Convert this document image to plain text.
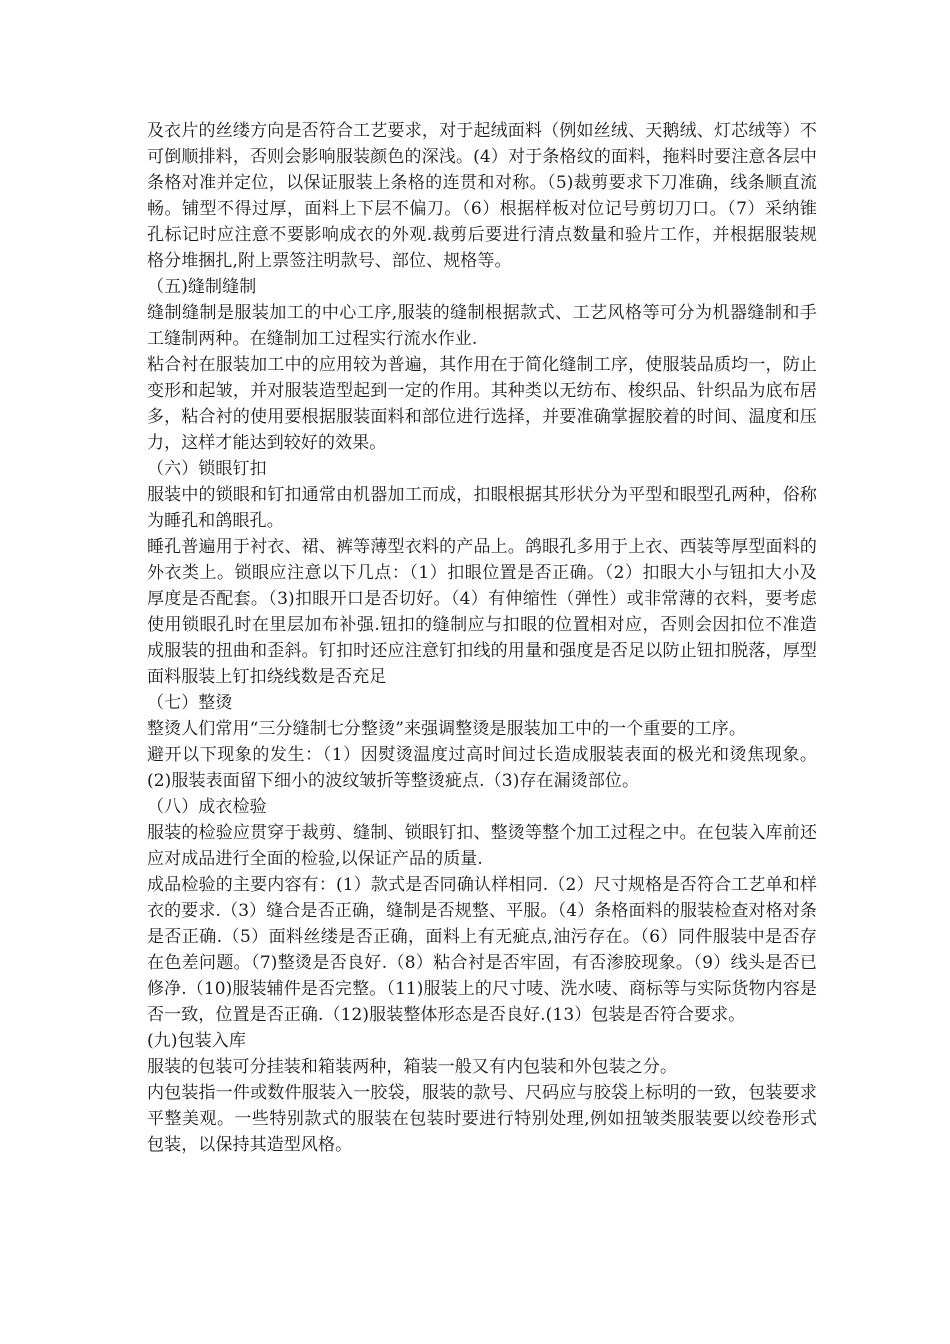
及衣片的丝缕方向是否符合工艺要求，对于起绒面料（例如丝绒、天鹅绒、灯芯绒等）不可倒顺排料，否则会影响服装颜色的深浅。(4）对于条格纹的面料，拖料时要注意各层中条格对准并定位，以保证服装上条格的连贯和对称。（5)裁剪要求下刀准确，线条顺直流畅。铺型不得过厚，面料上下层不偏刀。（6）根据样板对位记号剪切刀口。（7）采纳锥孔标记时应注意不要影响成衣的外观.裁剪后要进行清点数量和验片工作，并根据服装规格分堆捆扎,附上票签注明款号、部位、规格等。

（五)缝制缝制

缝制缝制是服装加工的中心工序,服装的缝制根据款式、工艺风格等可分为机器缝制和手工缝制两种。在缝制加工过程实行流水作业.

粘合衬在服装加工中的应用较为普遍，其作用在于简化缝制工序，使服装品质均一，防止变形和起皱，并对服装造型起到一定的作用。其种类以无纺布、梭织品、针织品为底布居多，粘合衬的使用要根据服装面料和部位进行选择，并要准确掌握胶着的时间、温度和压力，这样才能达到较好的效果。

（六）锁眼钉扣

服装中的锁眼和钉扣通常由机器加工而成，扣眼根据其形状分为平型和眼型孔两种，俗称为睡孔和鸽眼孔。

睡孔普遍用于衬衣、裙、裤等薄型衣料的产品上。鸽眼孔多用于上衣、西装等厚型面料的外衣类上。锁眼应注意以下几点：（1）扣眼位置是否正确。（2）扣眼大小与钮扣大小及厚度是否配套。（3)扣眼开口是否切好。（4）有伸缩性（弹性）或非常薄的衣料，要考虑使用锁眼孔时在里层加布补强.钮扣的缝制应与扣眼的位置相对应，否则会因扣位不准造成服装的扭曲和歪斜。钉扣时还应注意钉扣线的用量和强度是否足以防止钮扣脱落，厚型面料服装上钉扣绕线数是否充足

（七）整烫

整烫人们常用“三分缝制七分整烫”来强调整烫是服装加工中的一个重要的工序。

避开以下现象的发生：（1）因熨烫温度过高时间过长造成服装表面的极光和烫焦现象。(2)服装表面留下细小的波纹皱折等整烫疵点.（3)存在漏烫部位。

（八）成衣检验

服装的检验应贯穿于裁剪、缝制、锁眼钉扣、整烫等整个加工过程之中。在包装入库前还应对成品进行全面的检验,以保证产品的质量.

成品检验的主要内容有：(1）款式是否同确认样相同.（2）尺寸规格是否符合工艺单和样衣的要求.（3）缝合是否正确，缝制是否规整、平服。（4）条格面料的服装检查对格对条是否正确.（5）面料丝缕是否正确，面料上有无疵点,油污存在。（6）同件服装中是否存在色差问题。（7)整烫是否良好.（8）粘合衬是否牢固，有否渗胶现象。（9）线头是否已修净.（10)服装辅件是否完整。（11)服装上的尺寸唛、洗水唛、商标等与实际货物内容是否一致，位置是否正确.（12)服装整体形态是否良好.(13）包装是否符合要求。

(九)包装入库

服装的包装可分挂装和箱装两种，箱装一般又有内包装和外包装之分。

内包装指一件或数件服装入一胶袋，服装的款号、尺码应与胶袋上标明的一致，包装要求平整美观。一些特别款式的服装在包装时要进行特别处理,例如扭皱类服装要以绞卷形式包装，以保持其造型风格。
